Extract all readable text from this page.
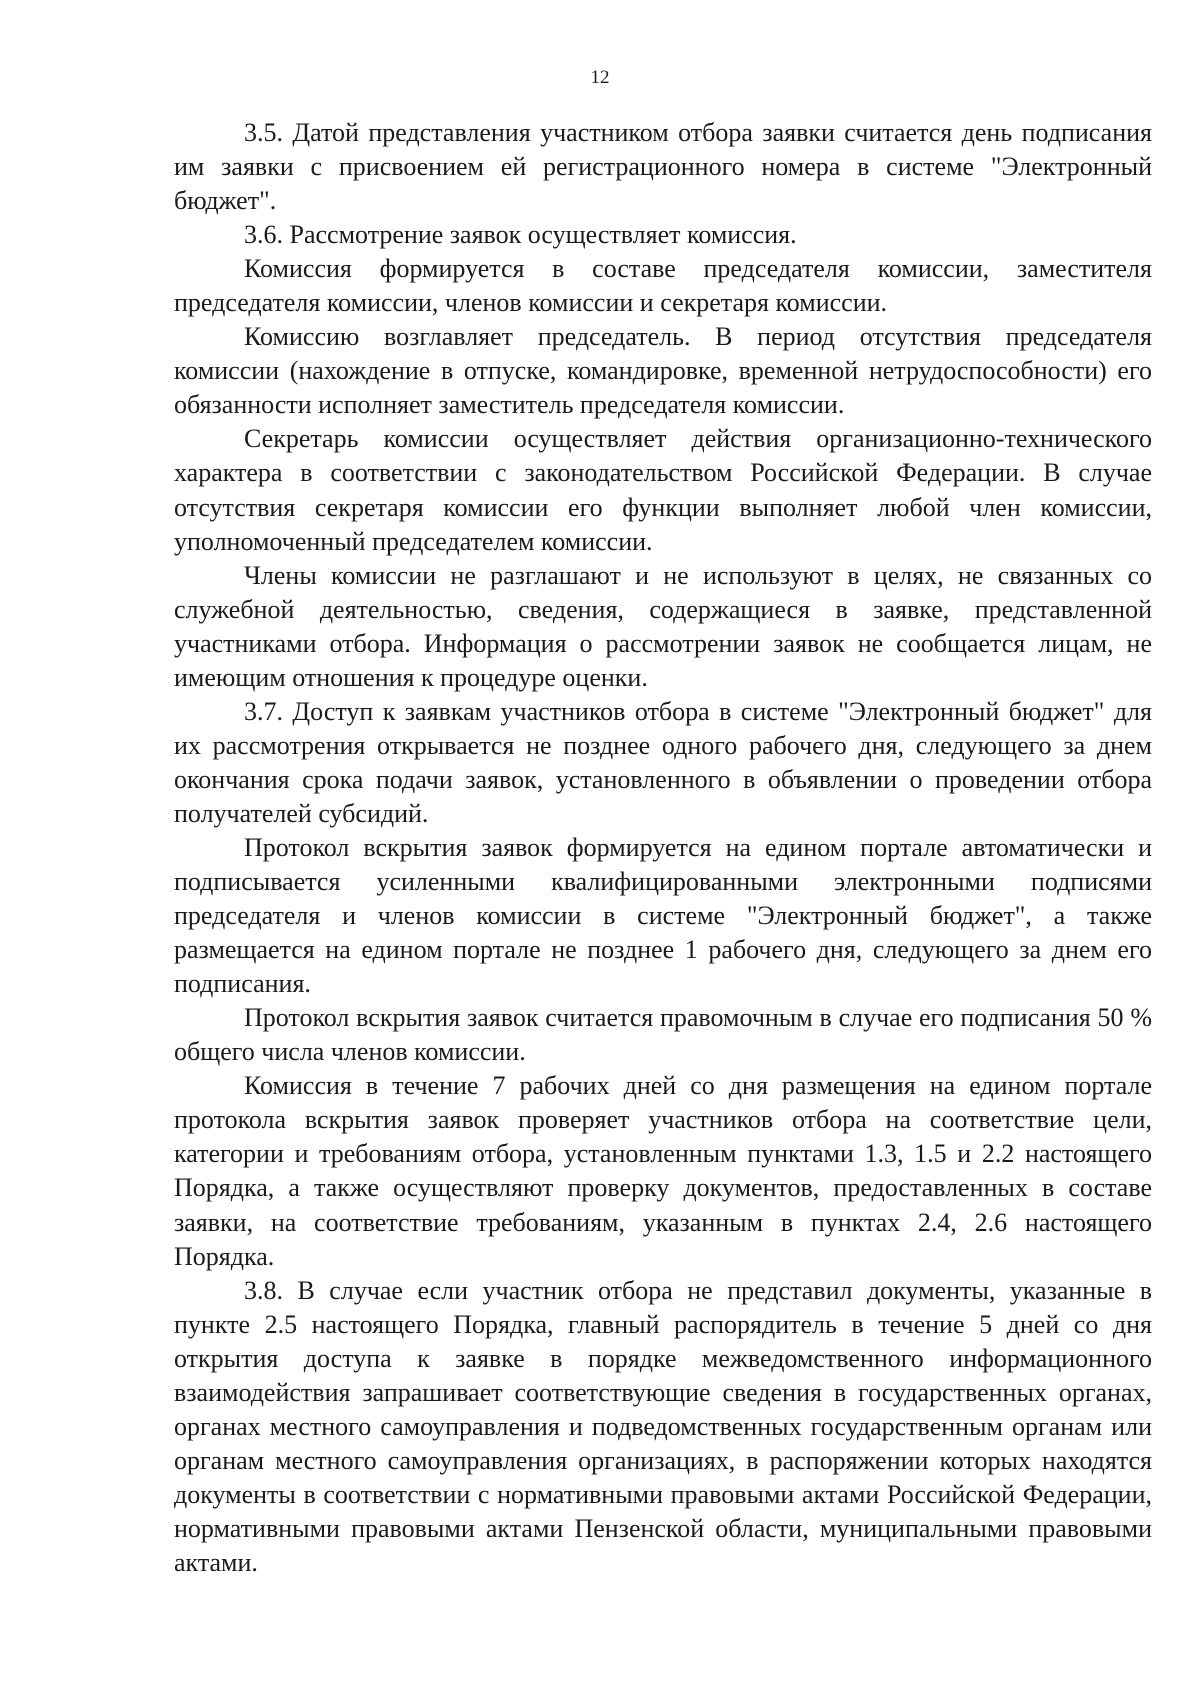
12

3.5. Датой представления участником отбора заявки считается день подписания им заявки с присвоением ей регистрационного номера в системе "Электронный бюджет".

3.6. Рассмотрение заявок осуществляет комиссия.

Комиссия формируется в составе председателя комиссии, заместителя председателя комиссии, членов комиссии и секретаря комиссии.

Комиссию возглавляет председатель. В период отсутствия председателя комиссии (нахождение в отпуске, командировке, временной нетрудоспособности) его обязанности исполняет заместитель председателя комиссии.

Секретарь комиссии осуществляет действия организационно-технического характера в соответствии с законодательством Российской Федерации. В случае отсутствия секретаря комиссии его функции выполняет любой член комиссии, уполномоченный председателем комиссии.

Члены комиссии не разглашают и не используют в целях, не связанных со служебной деятельностью, сведения, содержащиеся в заявке, представленной участниками отбора. Информация о рассмотрении заявок не сообщается лицам, не имеющим отношения к процедуре оценки.

3.7. Доступ к заявкам участников отбора в системе "Электронный бюджет" для их рассмотрения открывается не позднее одного рабочего дня, следующего за днем окончания срока подачи заявок, установленного в объявлении о проведении отбора получателей субсидий.

Протокол вскрытия заявок формируется на едином портале автоматически и подписывается усиленными квалифицированными электронными подписями председателя и членов комиссии в системе "Электронный бюджет", а также размещается на едином портале не позднее 1 рабочего дня, следующего за днем его подписания.

Протокол вскрытия заявок считается правомочным в случае его подписания 50 % общего числа членов комиссии.

Комиссия в течение 7 рабочих дней со дня размещения на едином портале протокола вскрытия заявок проверяет участников отбора на соответствие цели, категории и требованиям отбора, установленным пунктами 1.3, 1.5 и 2.2 настоящего Порядка, а также осуществляют проверку документов, предоставленных в составе заявки, на соответствие требованиям, указанным в пунктах 2.4, 2.6 настоящего Порядка.

3.8. В случае если участник отбора не представил документы, указанные в пункте 2.5 настоящего Порядка, главный распорядитель в течение 5 дней со дня открытия доступа к заявке в порядке межведомственного информационного взаимодействия запрашивает соответствующие сведения в государственных органах, органах местного самоуправления и подведомственных государственным органам или органам местного самоуправления организациях, в распоряжении которых находятся документы в соответствии с нормативными правовыми актами Российской Федерации, нормативными правовыми актами Пензенской области, муниципальными правовыми актами.
